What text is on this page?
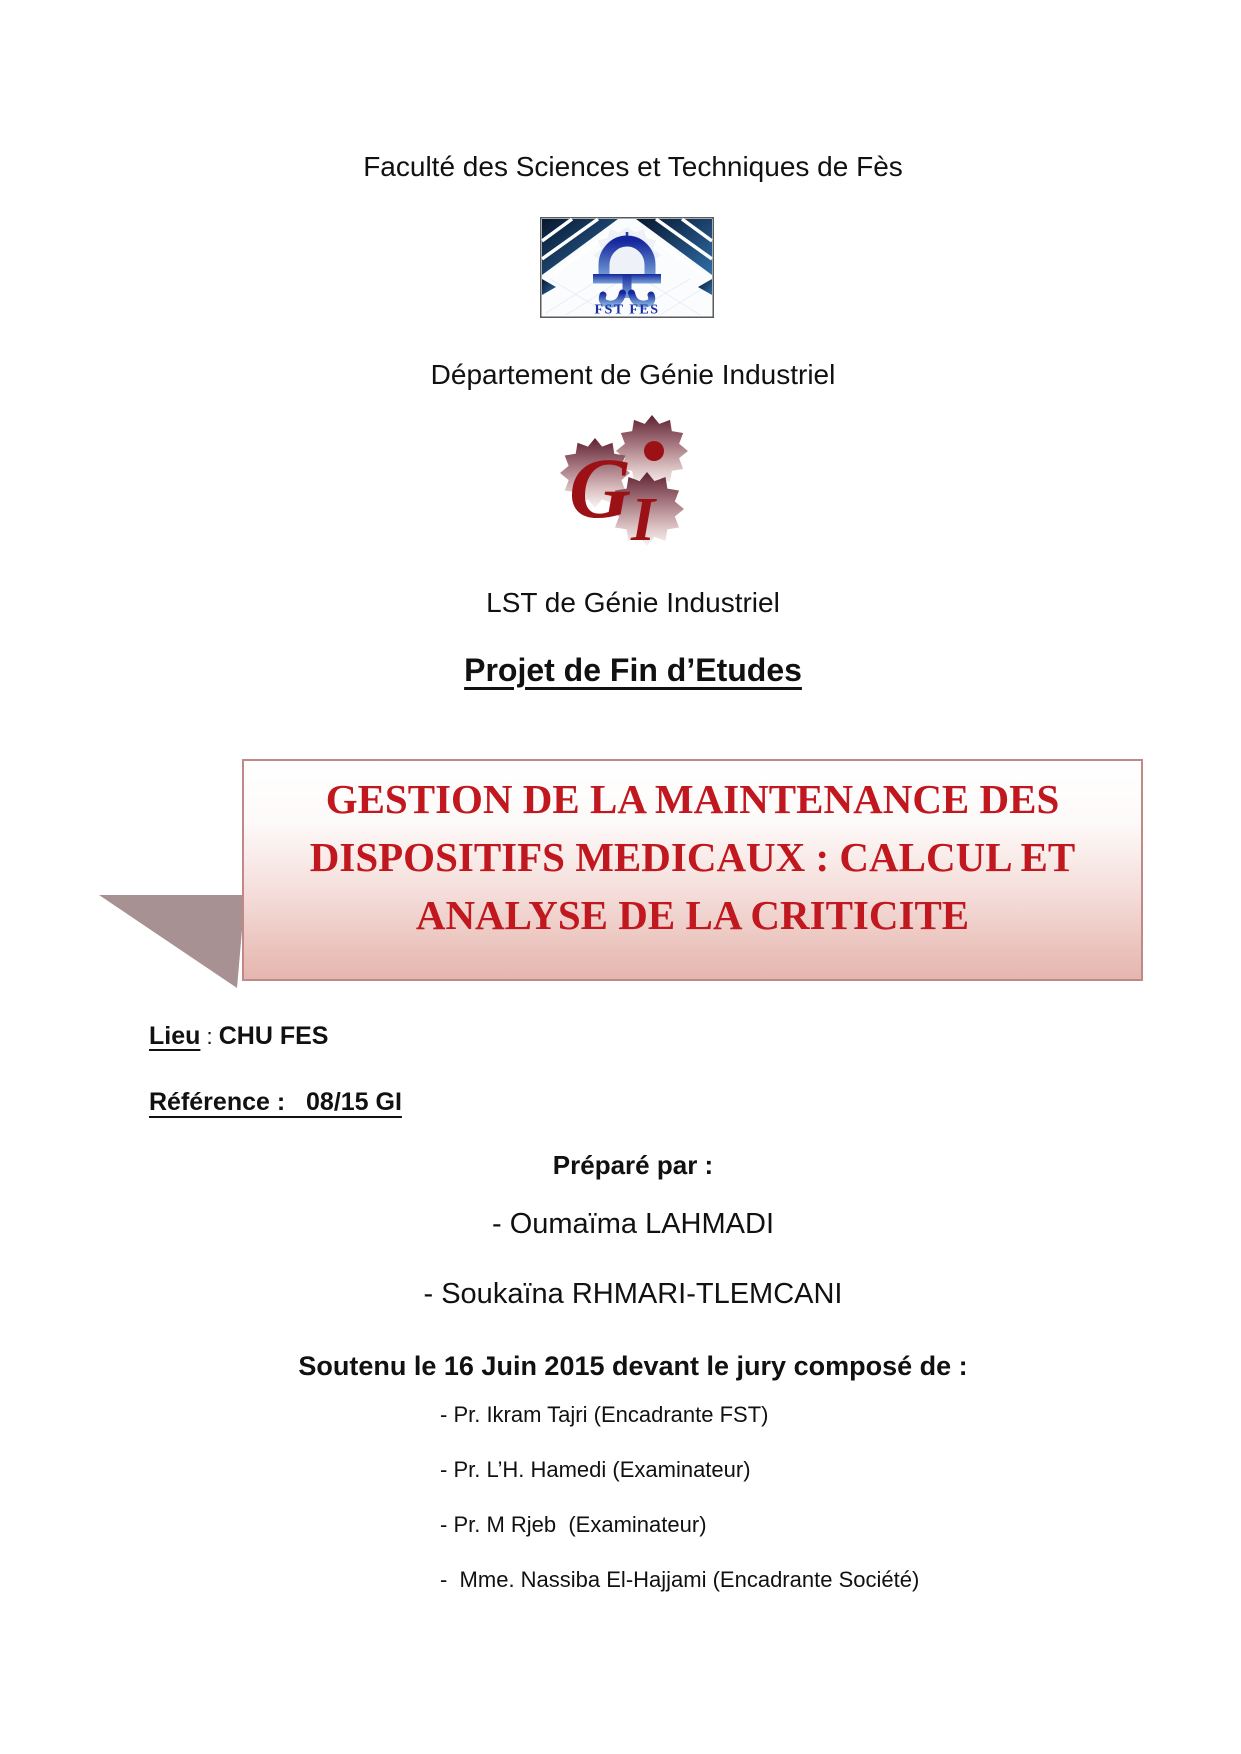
Faculté des Sciences et Techniques de Fès
FST FES
Département de Génie Industriel
G I
LST de Génie Industriel
Projet de Fin d’Etudes
GESTION DE LA MAINTENANCE DES
DISPOSITIFS MEDICAUX : CALCUL ET
ANALYSE DE LA CRITICITE
Lieu : CHU FES
Référence :   08/15 GI
Préparé par :
- Oumaïma LAHMADI
- Soukaïna RHMARI-TLEMCANI
Soutenu le 16 Juin 2015 devant le jury composé de :
- Pr. Ikram Tajri (Encadrante FST)
- Pr. L’H. Hamedi (Examinateur)
- Pr. M Rjeb  (Examinateur)
-  Mme. Nassiba El-Hajjami (Encadrante Société)
